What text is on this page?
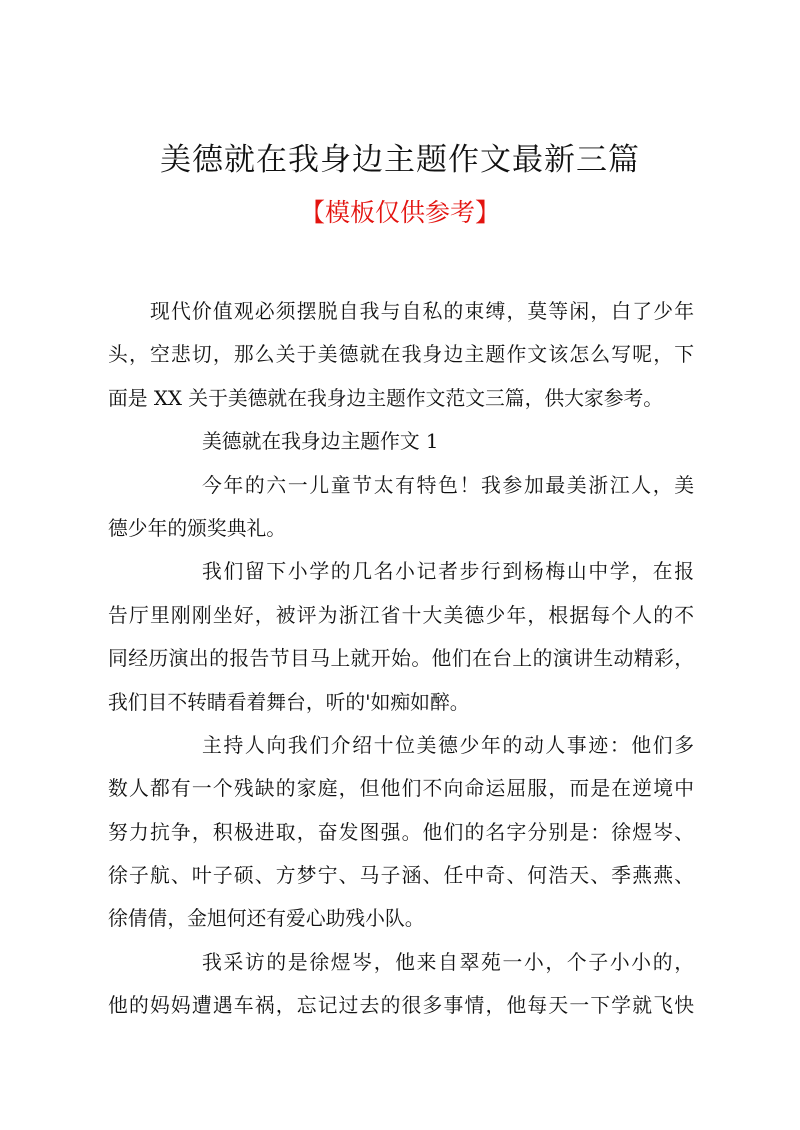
美德就在我身边主题作文最新三篇
【模板仅供参考】
现代价值观必须摆脱自我与自私的束缚，莫等闲，白了少年
头，空悲切，那么关于美德就在我身边主题作文该怎么写呢，下
面是 XX 关于美德就在我身边主题作文范文三篇，供大家参考。
美德就在我身边主题作文 1
今年的六一儿童节太有特色！我参加最美浙江人，美
德少年的颁奖典礼。
我们留下小学的几名小记者步行到杨梅山中学，在报
告厅里刚刚坐好，被评为浙江省十大美德少年，根据每个人的不
同经历演出的报告节目马上就开始。他们在台上的演讲生动精彩，
我们目不转睛看着舞台，听的'如痴如醉。
主持人向我们介绍十位美德少年的动人事迹：他们多
数人都有一个残缺的家庭，但他们不向命运屈服，而是在逆境中
努力抗争，积极进取，奋发图强。他们的名字分别是：徐煜岑、
徐子航、叶子硕、方梦宁、马子涵、任中奇、何浩天、季燕燕、
徐倩倩，金旭何还有爱心助残小队。
我采访的是徐煜岑，他来自翠苑一小，个子小小的，
他的妈妈遭遇车祸，忘记过去的很多事情，他每天一下学就飞快
